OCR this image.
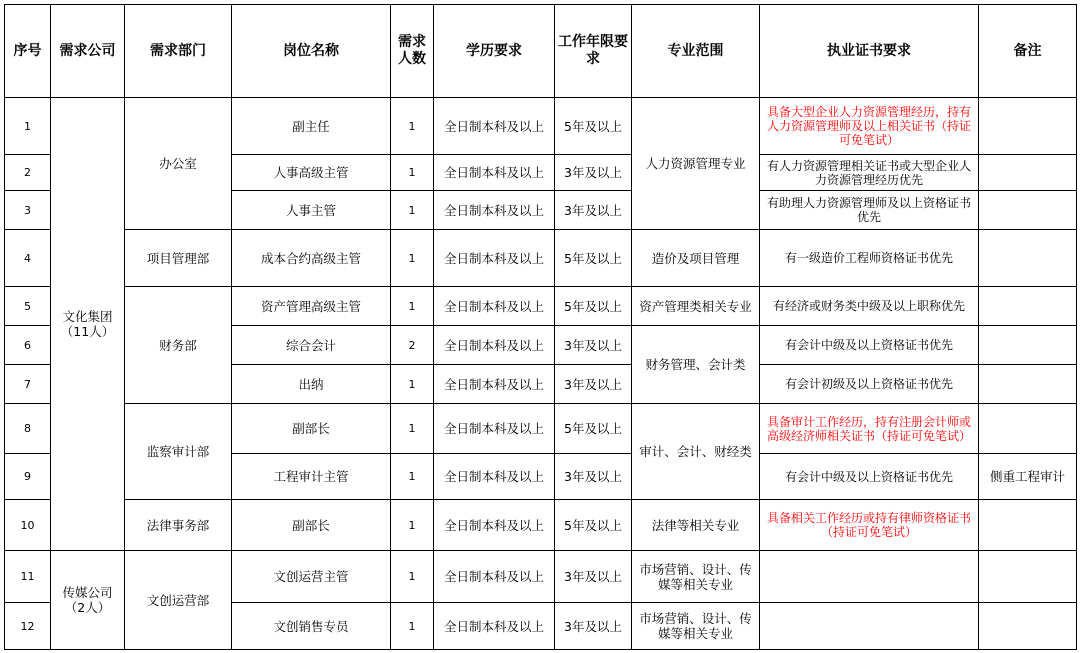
序号	需求公司	需求部门	岗位名称	需求人数	学历要求	工作年限要求	专业范围	执业证书要求	备注
1	文化集团（11人）	办公室	副主任	1	全日制本科及以上	5年及以上	人力资源管理专业	具备大型企业人力资源管理经历，持有人力资源管理师及以上相关证书（持证可免笔试）	
2			人事高级主管	1	全日制本科及以上	3年及以上		有人力资源管理相关证书或大型企业人力资源管理经历优先	
3			人事主管	1	全日制本科及以上	3年及以上		有助理人力资源管理师及以上资格证书优先	
4		项目管理部	成本合约高级主管	1	全日制本科及以上	5年及以上	造价及项目管理	有一级造价工程师资格证书优先	
5		财务部	资产管理高级主管	1	全日制本科及以上	5年及以上	资产管理类相关专业	有经济或财务类中级及以上职称优先	
6			综合会计	2	全日制本科及以上	3年及以上	财务管理、会计类	有会计中级及以上资格证书优先	
7			出纳	1	全日制本科及以上	3年及以上		有会计初级及以上资格证书优先	
8		监察审计部	副部长	1	全日制本科及以上	5年及以上	审计、会计、财经类	具备审计工作经历，持有注册会计师或高级经济师相关证书（持证可免笔试）	
9			工程审计主管	1	全日制本科及以上	3年及以上		有会计中级及以上资格证书优先	侧重工程审计
10		法律事务部	副部长	1	全日制本科及以上	5年及以上	法律等相关专业	具备相关工作经历或持有律师资格证书（持证可免笔试）	
11	传媒公司（2人）	文创运营部	文创运营主管	1	全日制本科及以上	3年及以上	市场营销、设计、传媒等相关专业		
12			文创销售专员	1	全日制本科及以上	3年及以上	市场营销、设计、传媒等相关专业		
